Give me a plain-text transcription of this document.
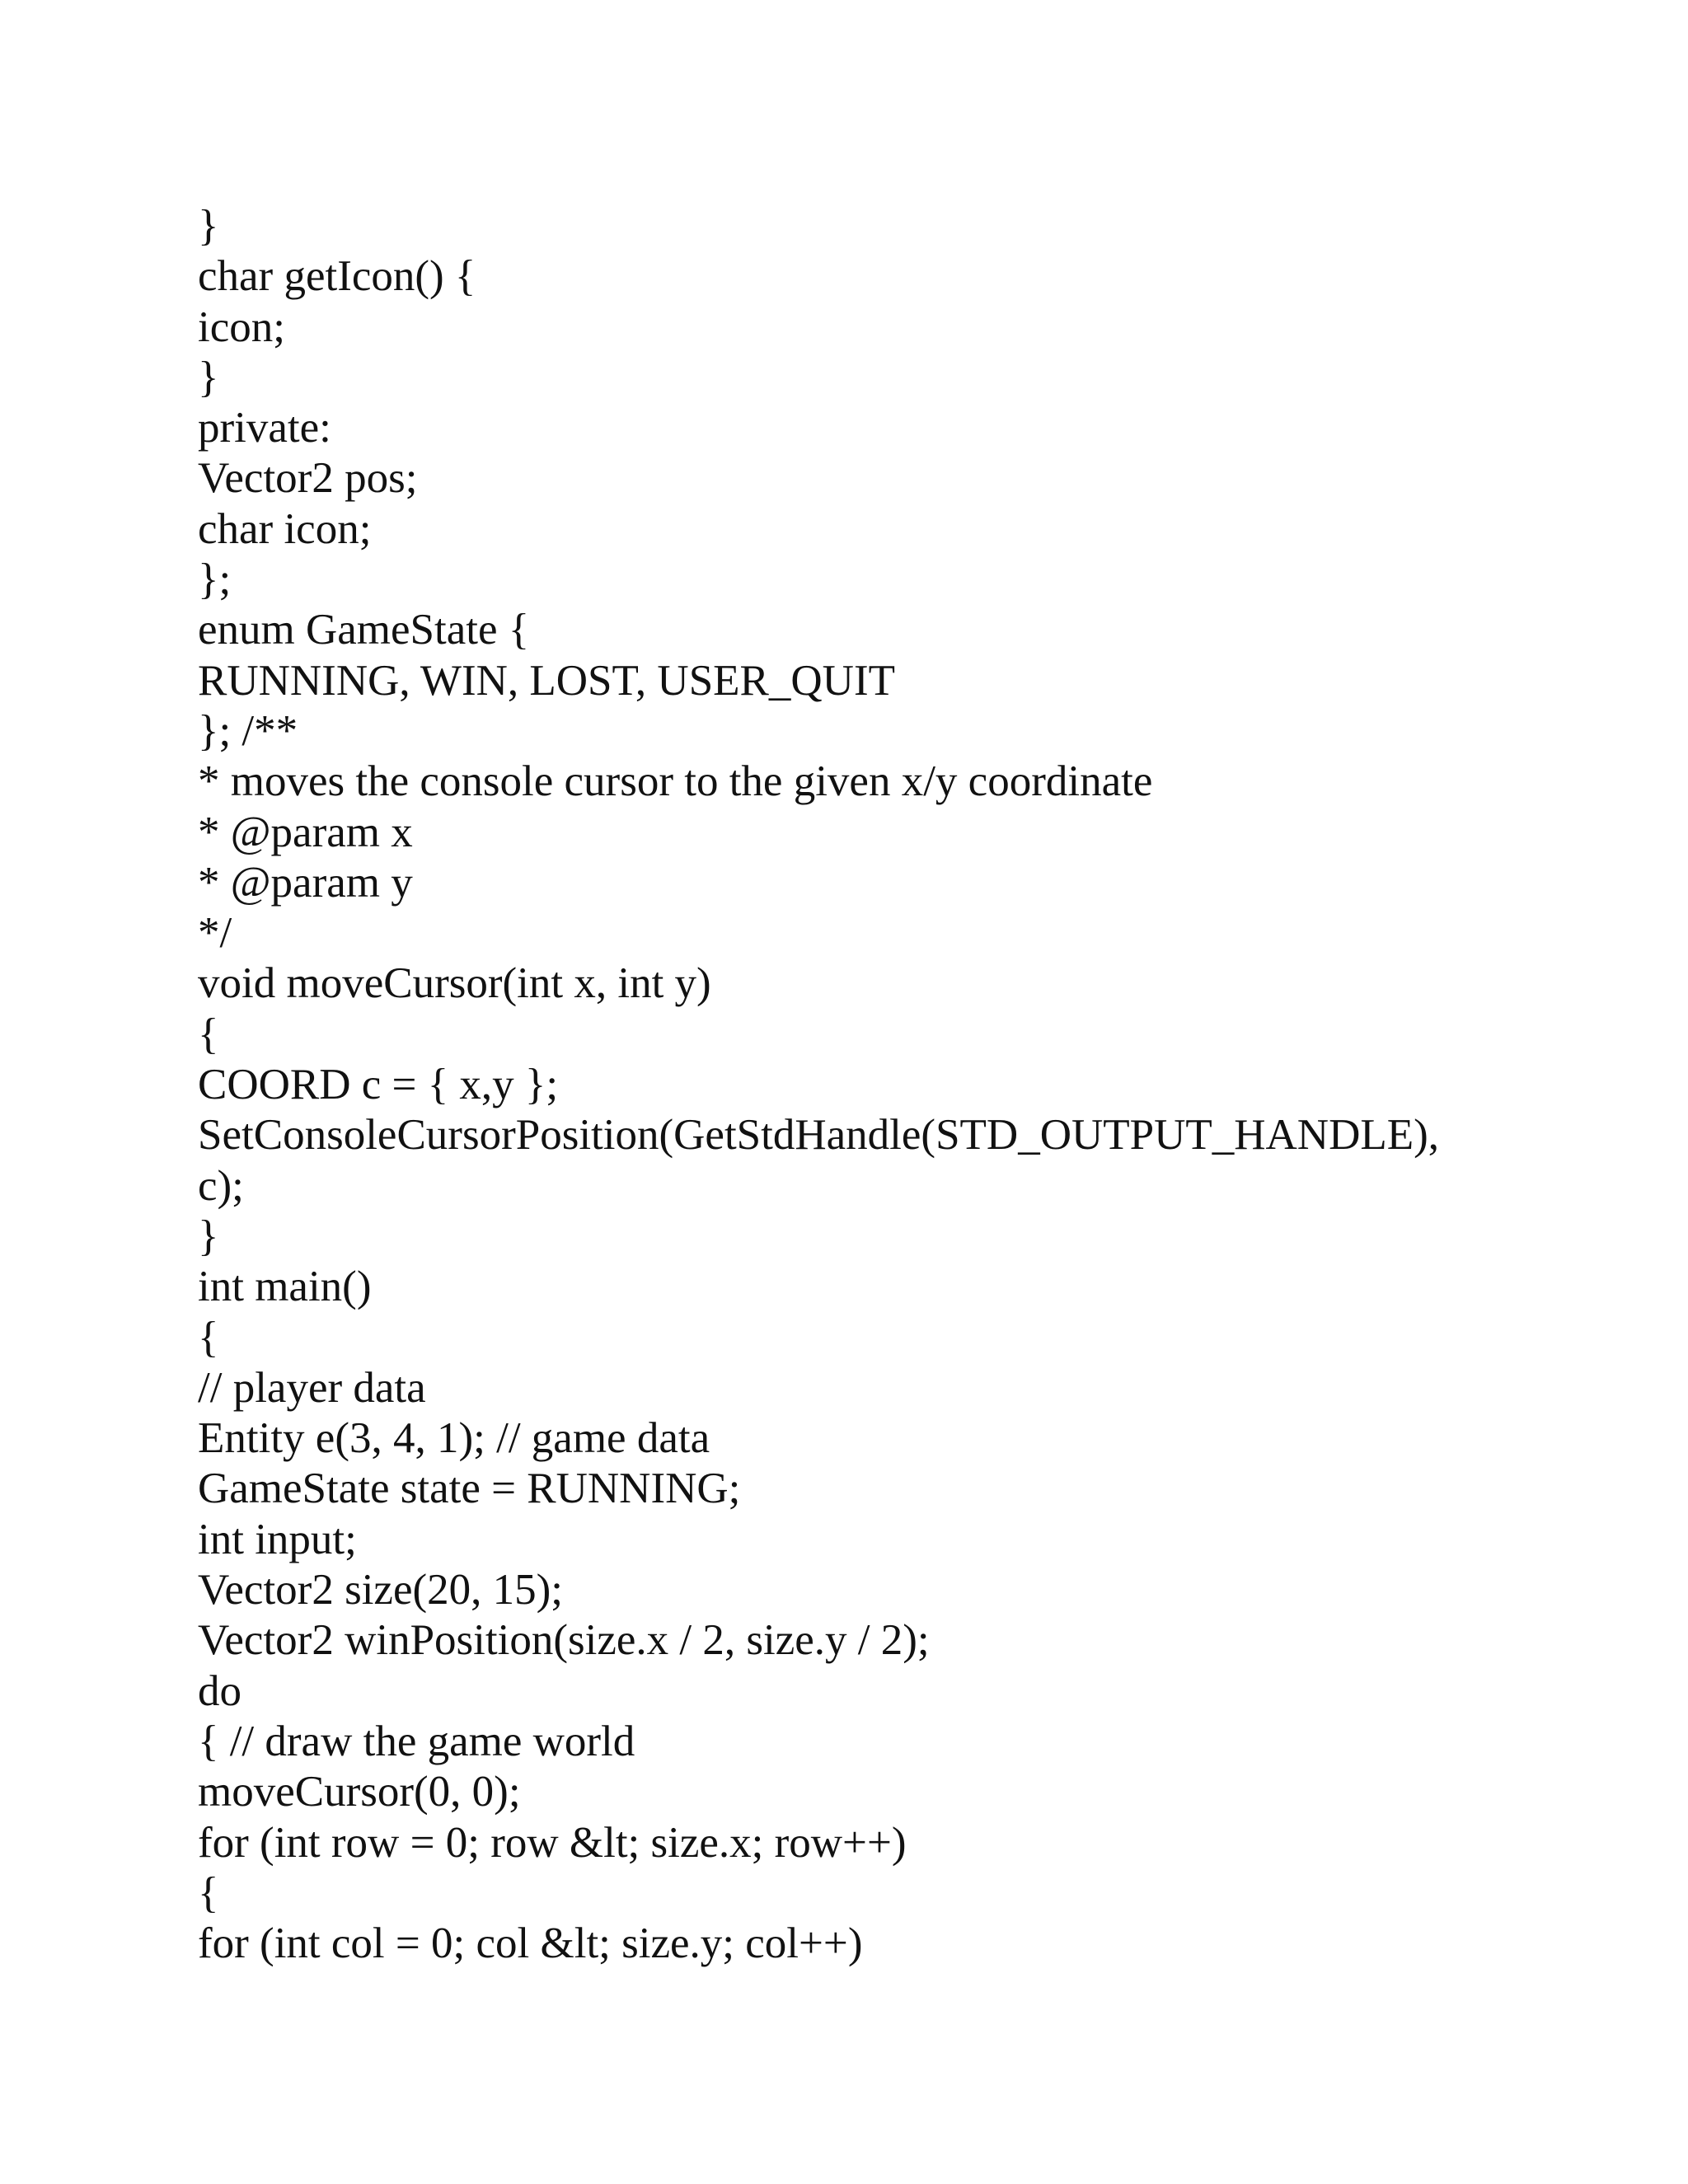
}
char getIcon() {
icon;
}
private:
Vector2 pos;
char icon;
};
enum GameState {
RUNNING, WIN, LOST, USER_QUIT
}; /**
* moves the console cursor to the given x/y coordinate
* @param x
* @param y
*/
void moveCursor(int x, int y)
{
COORD c = { x,y };
SetConsoleCursorPosition(GetStdHandle(STD_OUTPUT_HANDLE),
c);
}
int main()
{
// player data
Entity e(3, 4, 1); // game data
GameState state = RUNNING;
int input;
Vector2 size(20, 15);
Vector2 winPosition(size.x / 2, size.y / 2);
do
{ // draw the game world
moveCursor(0, 0);
for (int row = 0; row &lt; size.x; row++)
{
for (int col = 0; col &lt; size.y; col++)
